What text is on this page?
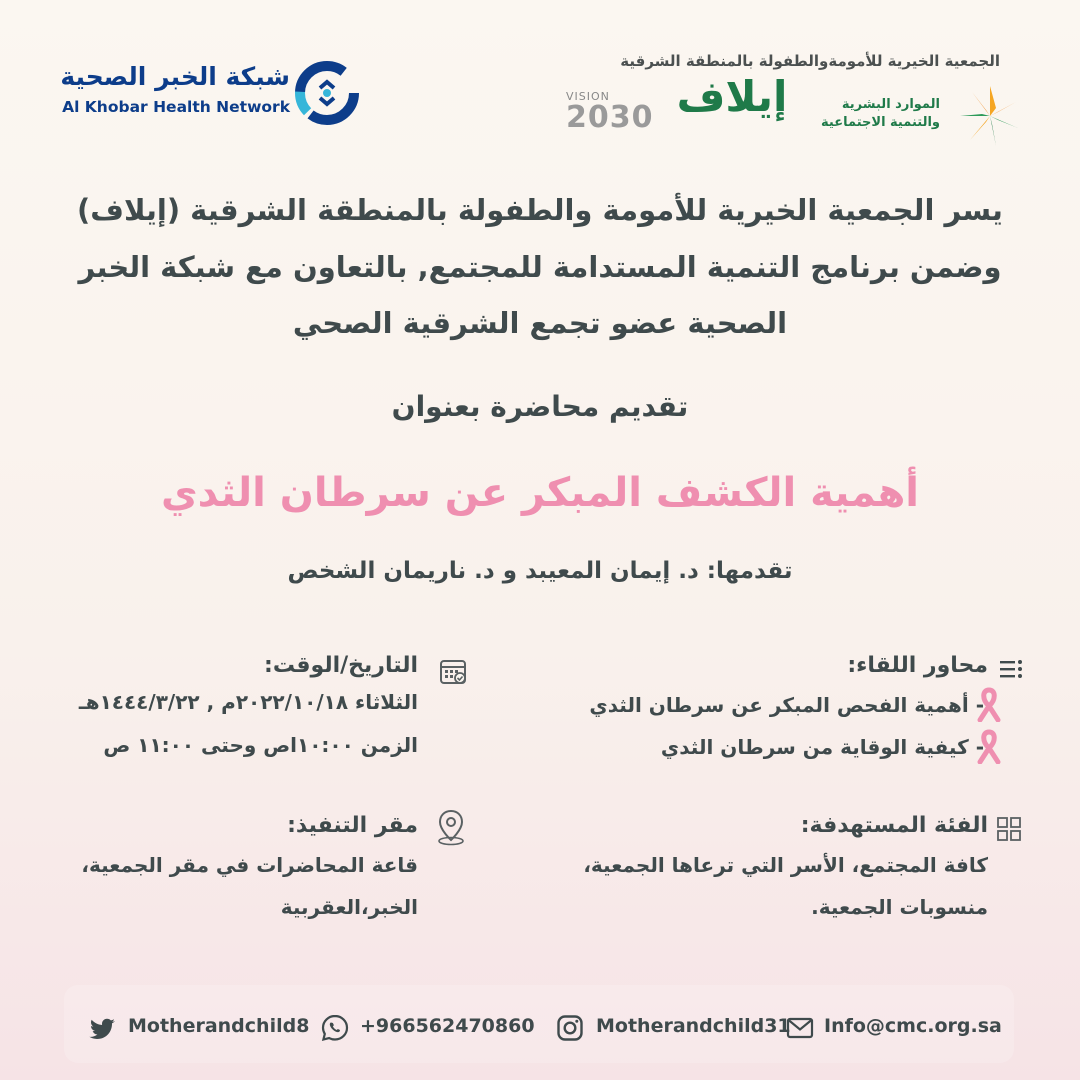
شبكة الخبر الصحية
Al Khobar Health Network
الجمعية الخيرية للأمومةوالطفولة بالمنطقة الشرقية
الموارد البشرية
والتنمية الاجتماعية
إيلاف
VISION
2030
يسر الجمعية الخيرية للأمومة والطفولة بالمنطقة الشرقية (إيلاف)
وضمن برنامج التنمية المستدامة للمجتمع, بالتعاون مع شبكة الخبر
الصحية عضو تجمع الشرقية الصحي
تقديم محاضرة بعنوان
أهمية الكشف المبكر عن سرطان الثدي
تقدمها: د. إيمان المعيبد و د. ناريمان الشخص
محاور اللقاء:
- أهمية الفحص المبكر عن سرطان الثدي
- كيفية الوقاية من سرطان الثدي
التاريخ/الوقت:
الثلاثاء ٢٠٢٢/١٠/١٨م , ١٤٤٤/٣/٢٢هـ
الزمن ١٠:٠٠اص وحتى ١١:٠٠ ص
الفئة المستهدفة:
كافة المجتمع، الأسر التي ترعاها الجمعية،
منسوبات الجمعية.
مقر التنفيذ:
قاعة المحاضرات في مقر الجمعية،
الخبر،العقربية
Motherandchild8	+966562470860	Motherandchild31 Info@cmc.org.sa
